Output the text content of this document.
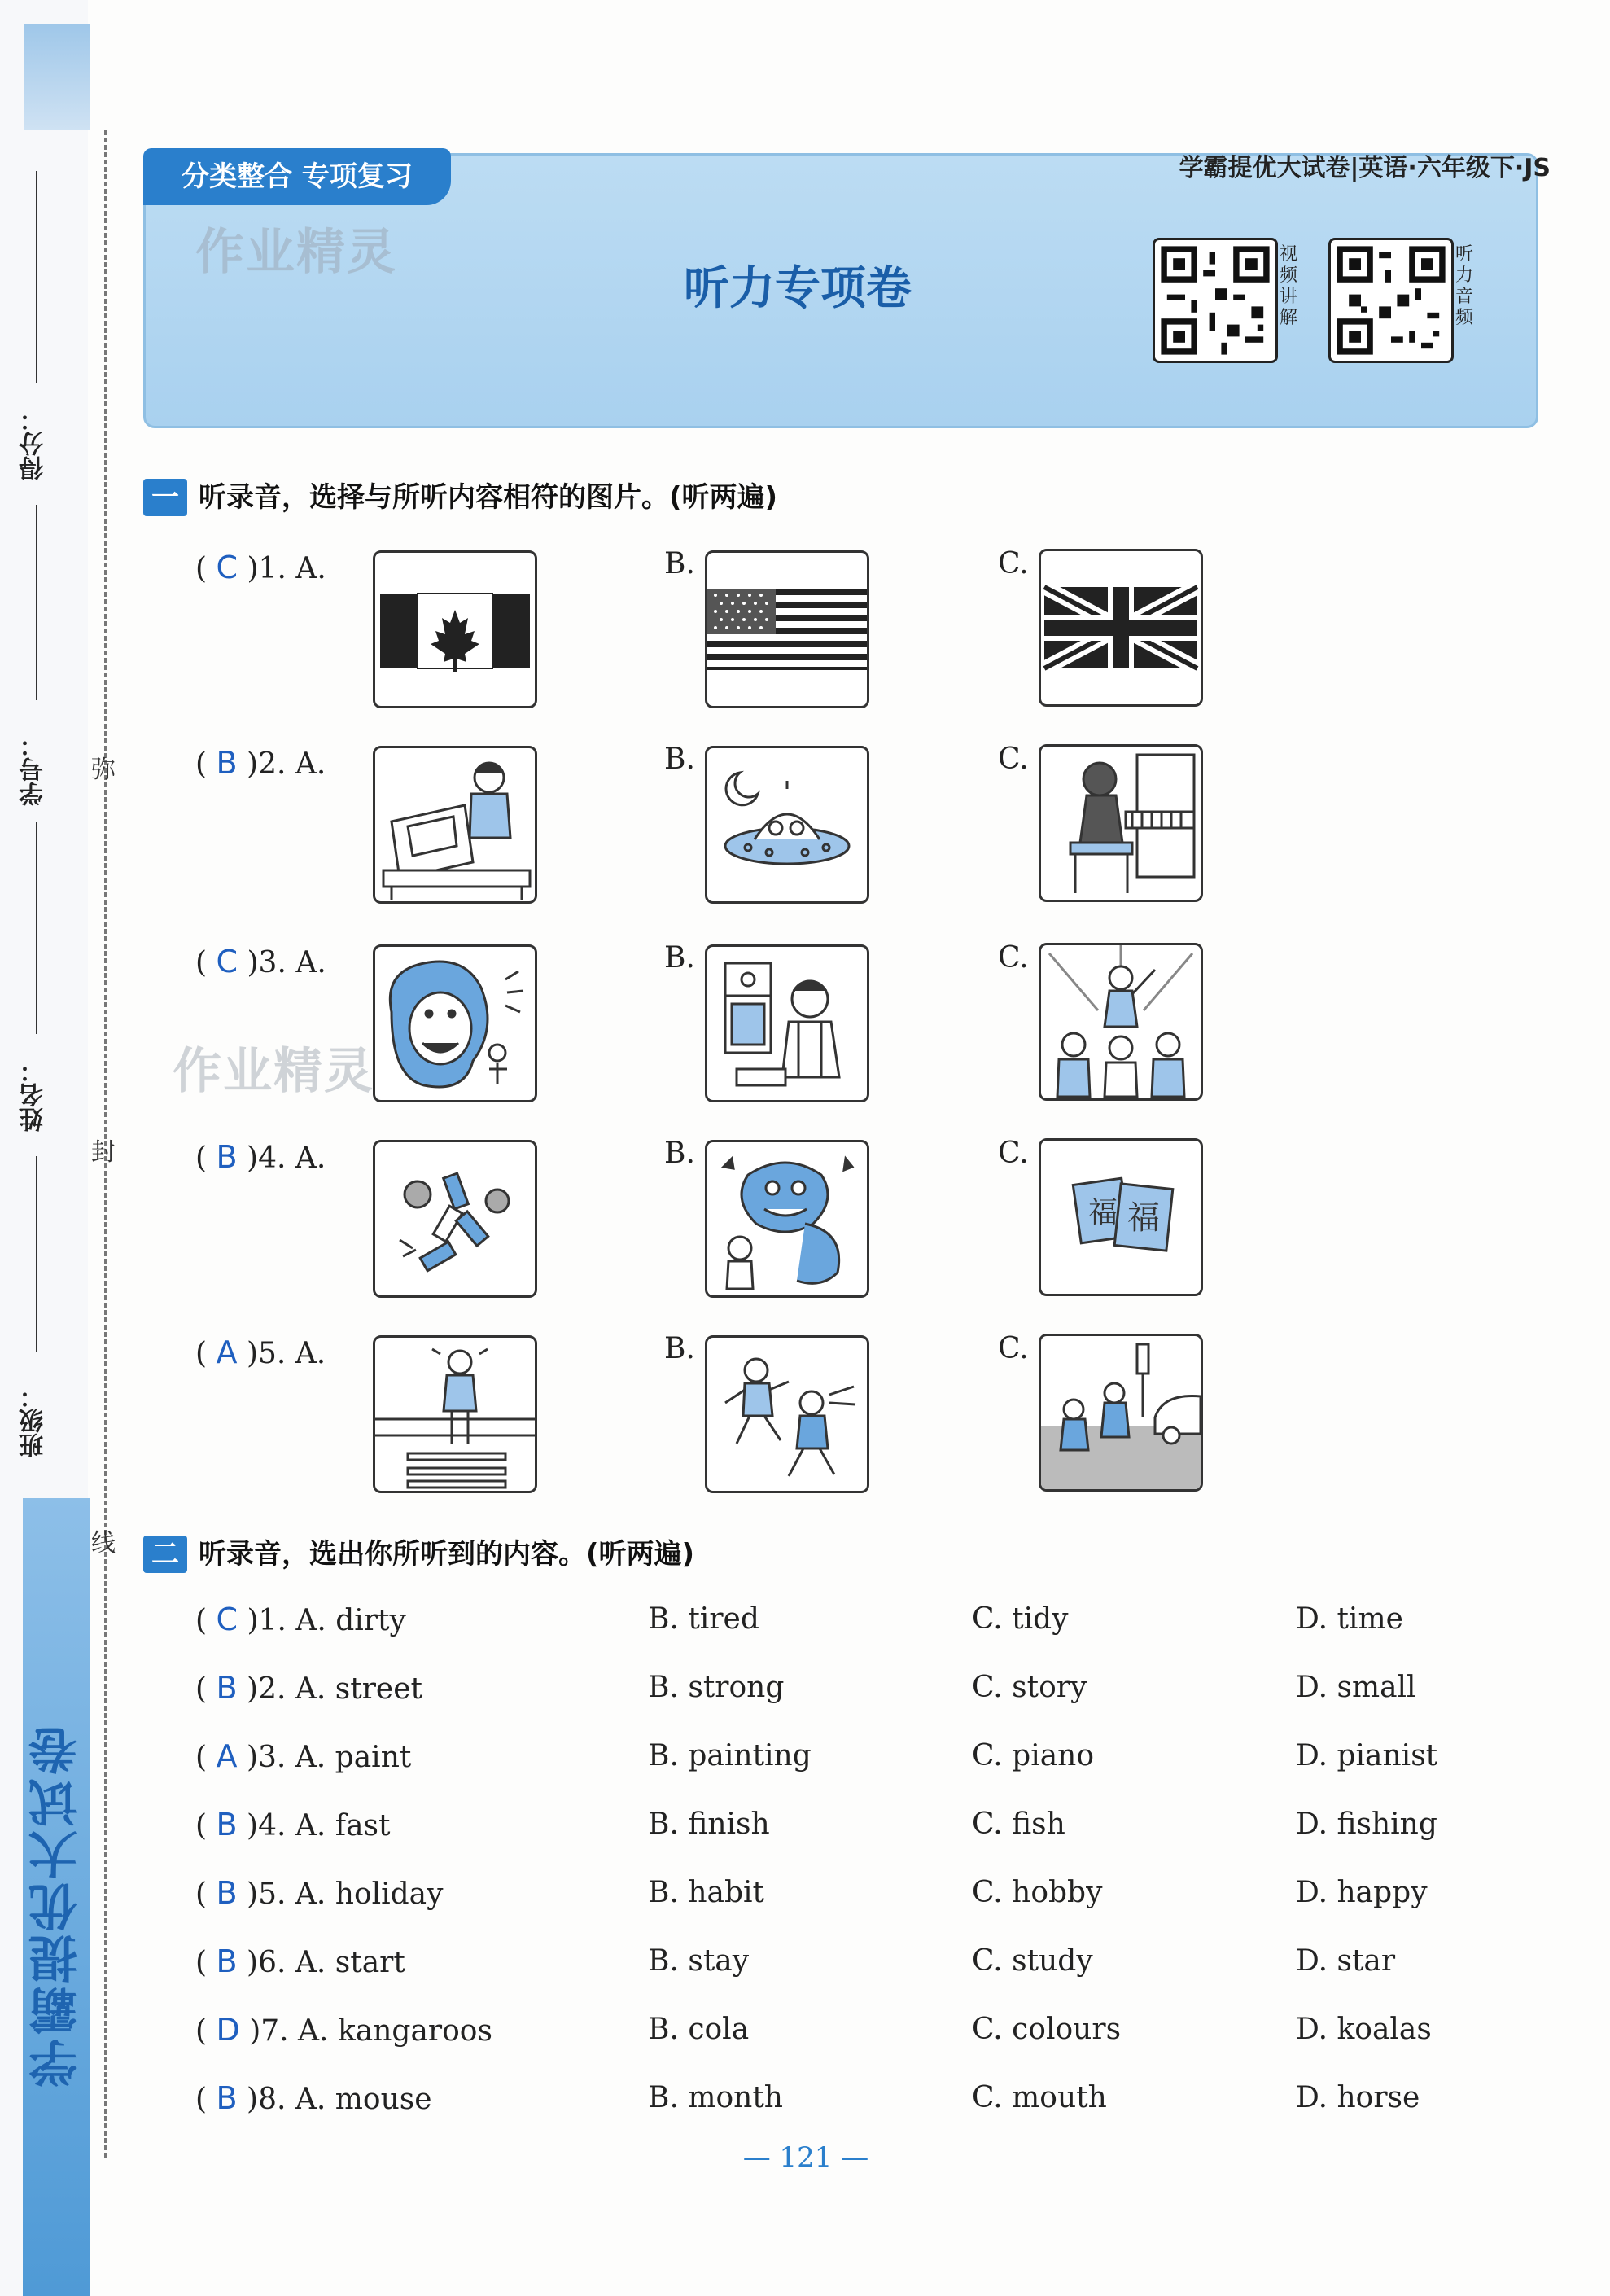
学霸提优大试卷
得分：
学号：
姓名：
班级：
弥
封
线
分类整合 专项复习	学霸提优大试卷|英语·六年级下·JS
作业精灵
听力专项卷
视频讲解
听力音频
一 听录音，选择与所听内容相符的图片。(听两遍)
( C )1. A.	B.	C.
( B )2. A.	B.	C.
( C )3. A.	B.	C.
作业精灵
( B )4. A.	B.	C.
福 福
( A )5. A.	B.	C.
二 听录音，选出你所听到的内容。(听两遍)
( C )1. A. dirty	B. tired	C. tidy	D. time
( B )2. A. street	B. strong	C. story	D. small
( A )3. A. paint	B. painting	C. piano	D. pianist
( B )4. A. fast	B. finish	C. fish	D. fishing
( B )5. A. holiday	B. habit	C. hobby	D. happy
( B )6. A. start	B. stay	C. study	D. star
( D )7. A. kangaroos	B. cola	C. colours	D. koalas
( B )8. A. mouse	B. month	C. mouth	D. horse
— 121 —
